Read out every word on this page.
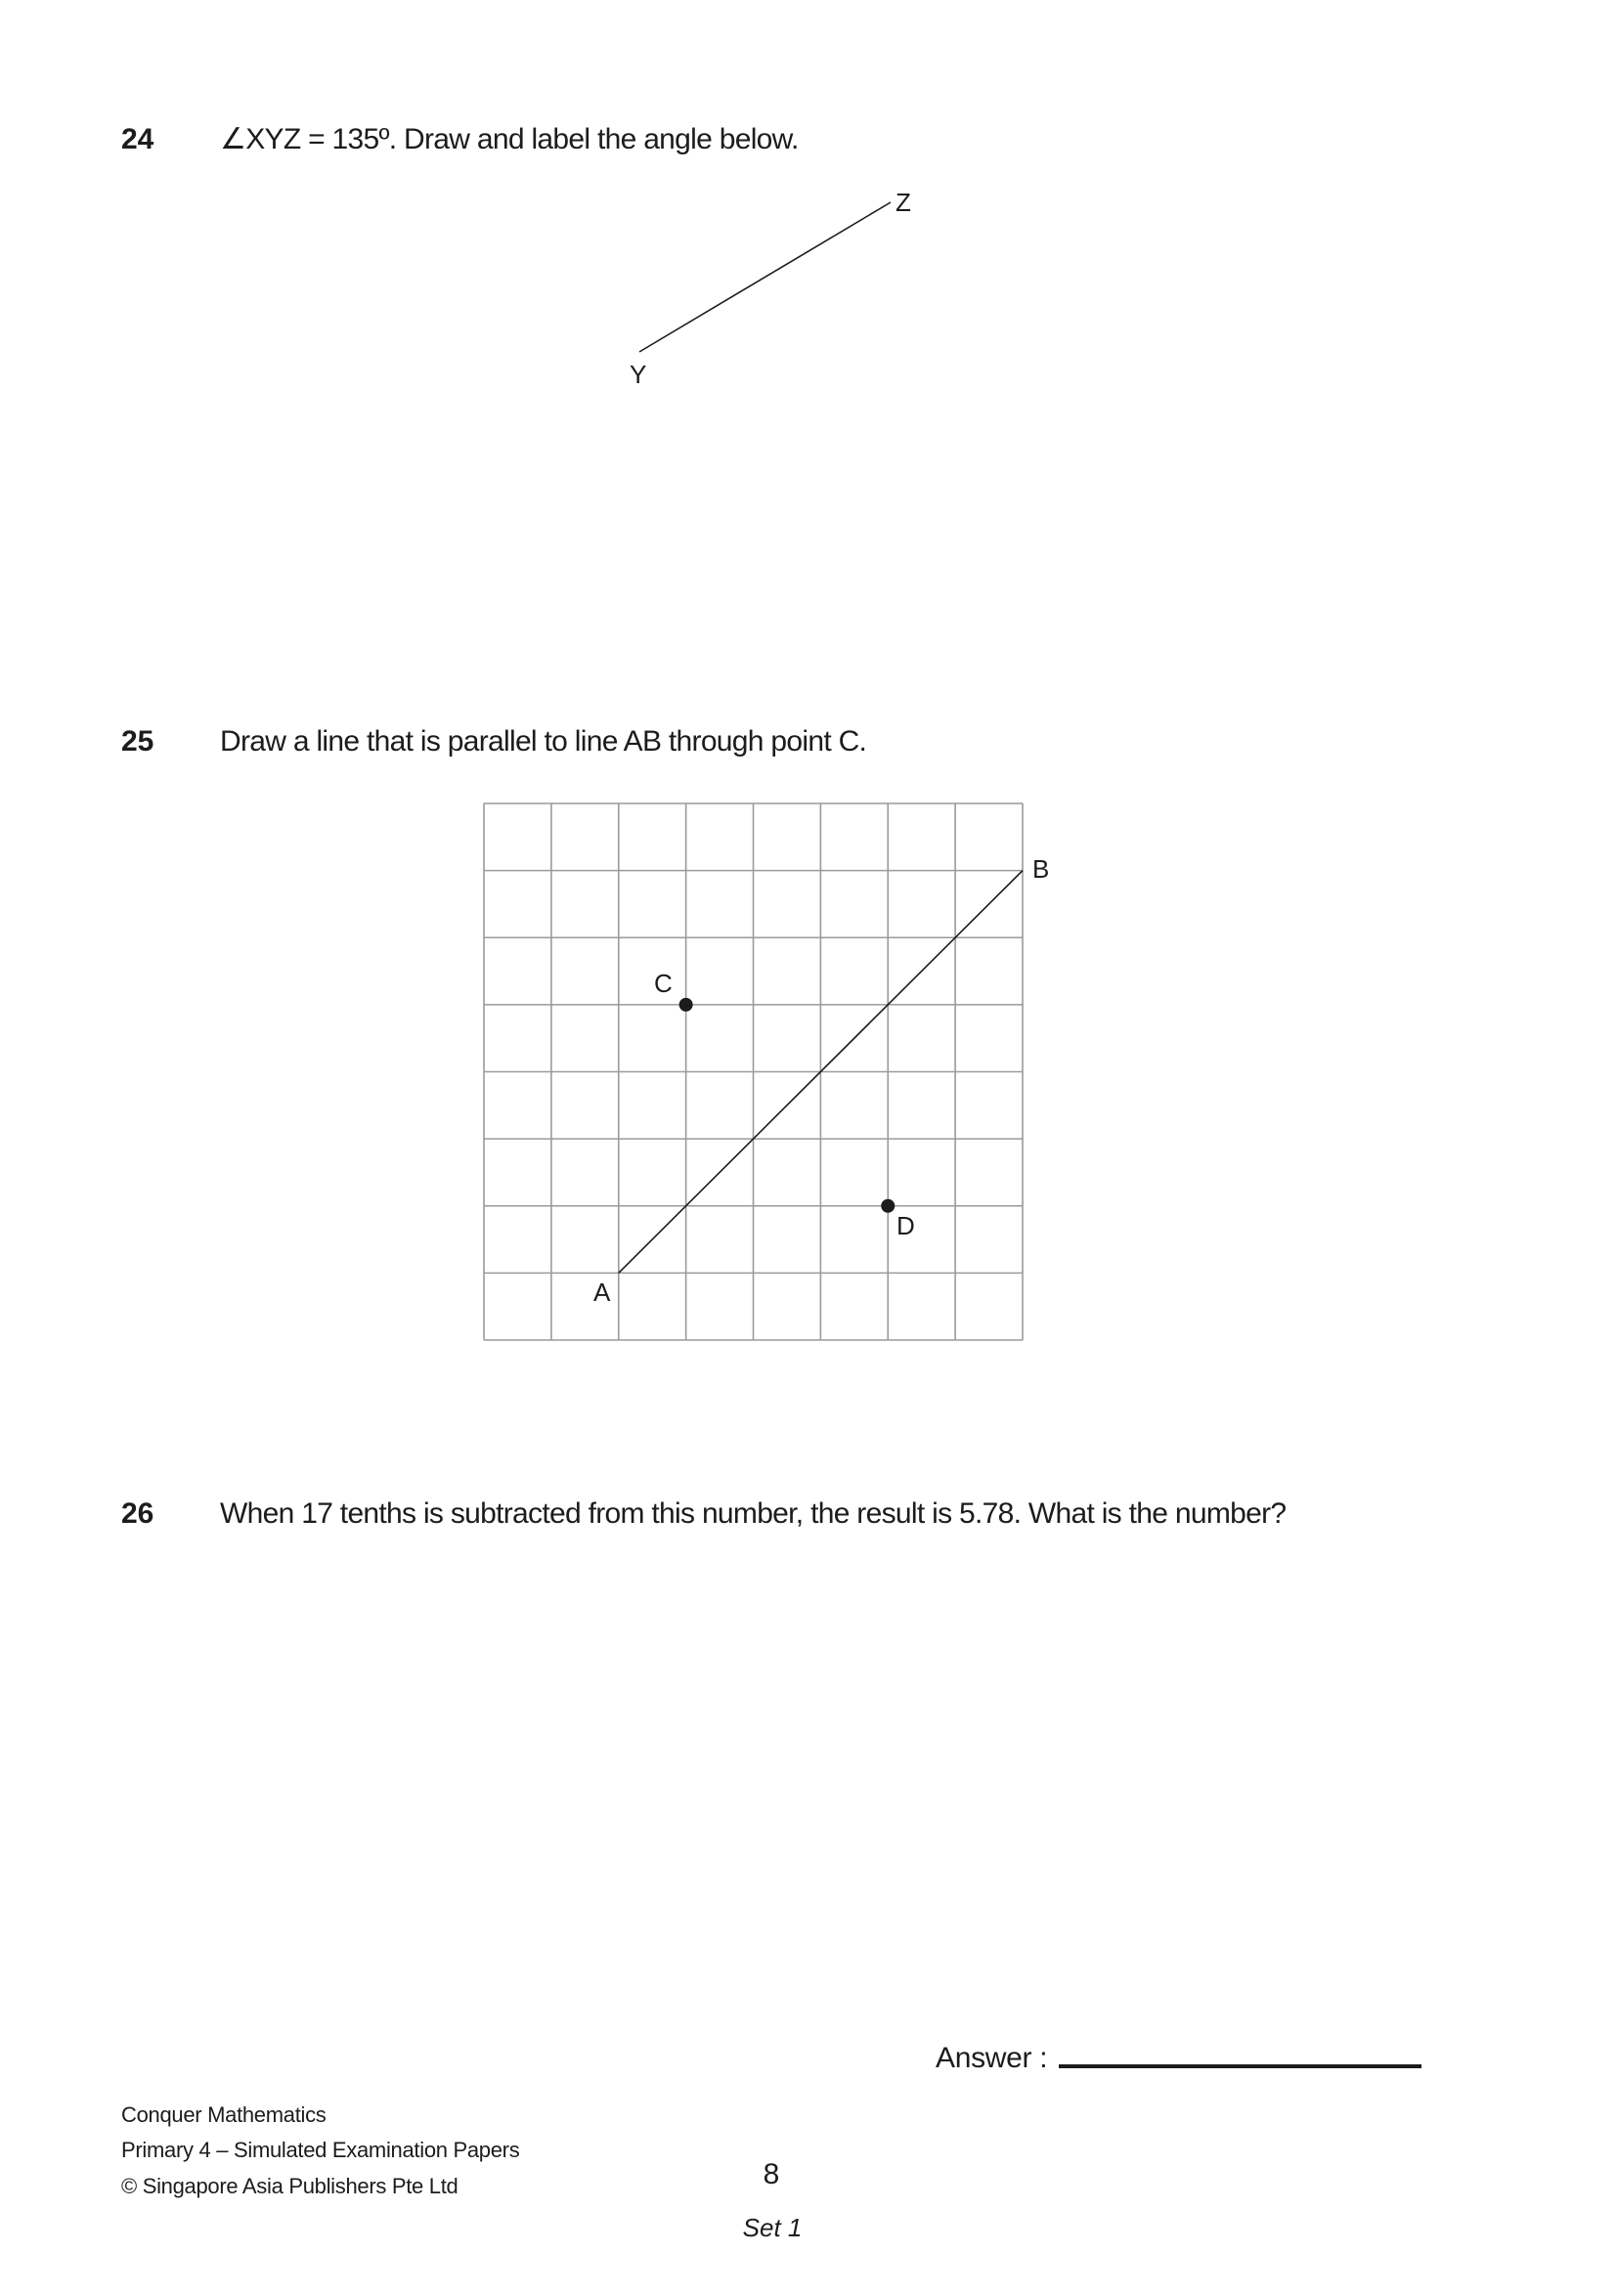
24 ∠XYZ = 135º. Draw and label the angle below.
Z
Y
A
B
C
D
25 Draw a line that is parallel to line AB through point C.
26 When 17 tenths is subtracted from this number, the result is 5.78. What is the number?
Answer :
Conquer Mathematics
Primary 4 – Simulated Examination Papers
© Singapore Asia Publishers Pte Ltd	8
Set 1
